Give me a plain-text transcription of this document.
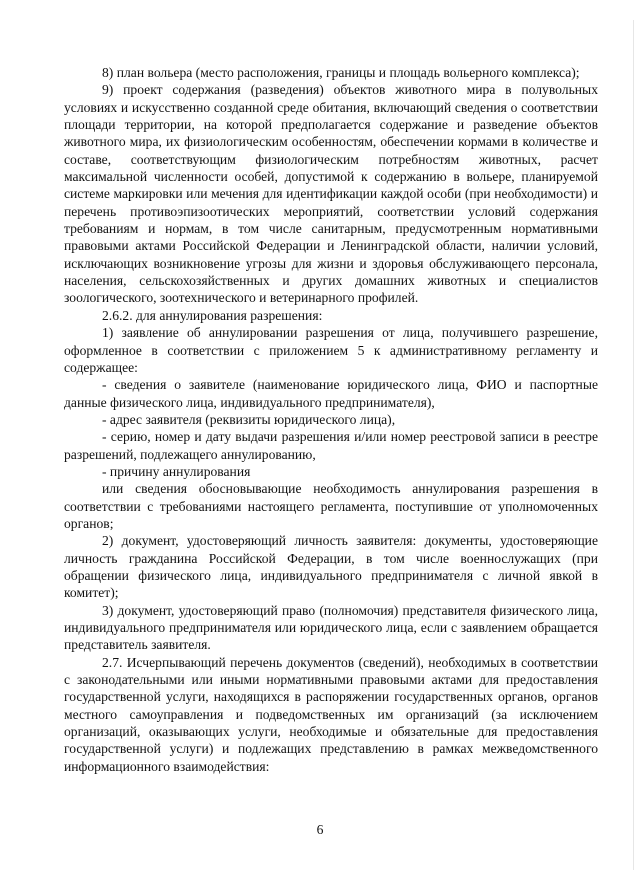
8) план вольера (место расположения, границы и площадь вольерного комплекса);

9) проект содержания (разведения) объектов животного мира в полувольных условиях и искусственно созданной среде обитания, включающий сведения о соответствии площади территории, на которой предполагается содержание и разведение объектов животного мира, их физиологическим особенностям, обеспечении кормами в количестве и составе, соответствующим физиологическим потребностям животных, расчет максимальной численности особей, допустимой к содержанию в вольере, планируемой системе маркировки или мечения для идентификации каждой особи (при необходимости) и перечень противоэпизоотических мероприятий, соответствии условий содержания требованиям и нормам, в том числе санитарным, предусмотренным нормативными правовыми актами Российской Федерации и Ленинградской области, наличии условий, исключающих возникновение угрозы для жизни и здоровья обслуживающего персонала, населения, сельскохозяйственных и других домашних животных и специалистов зоологического, зоотехнического и ветеринарного профилей.

2.6.2. для аннулирования разрешения:

1) заявление об аннулировании разрешения от лица, получившего разрешение, оформленное в соответствии с приложением 5 к административному регламенту и содержащее:

- сведения о заявителе (наименование юридического лица, ФИО и паспортные данные физического лица, индивидуального предпринимателя),

- адрес заявителя (реквизиты юридического лица),

- серию, номер и дату выдачи разрешения и/или номер реестровой записи в реестре разрешений, подлежащего аннулированию,

- причину аннулирования

или сведения обосновывающие необходимость аннулирования разрешения в соответствии с требованиями настоящего регламента, поступившие от уполномоченных органов;

2) документ, удостоверяющий личность заявителя: документы, удостоверяющие личность гражданина Российской Федерации, в том числе военнослужащих (при обращении физического лица, индивидуального предпринимателя с личной явкой в комитет);

3) документ, удостоверяющий право (полномочия) представителя физического лица, индивидуального предпринимателя или юридического лица, если с заявлением обращается представитель заявителя.

2.7. Исчерпывающий перечень документов (сведений), необходимых в соответствии с законодательными или иными нормативными правовыми актами для предоставления государственной услуги, находящихся в распоряжении государственных органов, органов местного самоуправления и подведомственных им организаций (за исключением организаций, оказывающих услуги, необходимые и обязательные для предоставления государственной услуги) и подлежащих представлению в рамках межведомственного информационного взаимодействия:

6
